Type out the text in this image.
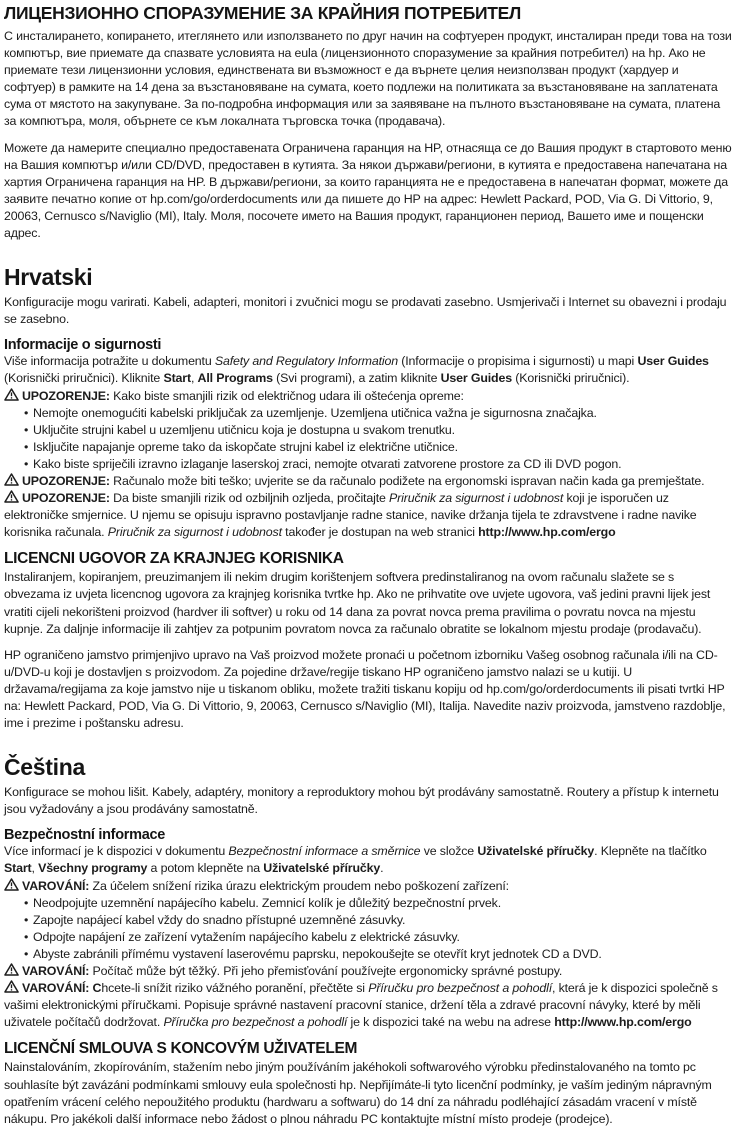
ЛИЦЕНЗИОННО СПОРАЗУМЕНИЕ ЗА КРАЙНИЯ ПОТРЕБИТЕЛ

С инсталирането, копирането, итеглянето или използването по друг начин на софтуерен продукт, инсталиран преди това на този компютър, вие приемате да спазвате условията на eula (лицензионното споразумение за крайния потребител) на hp. Ако не приемате тези лицензионни условия, единствената ви възможност е да върнете целия неизползван продукт (хардуер и софтуер) в рамките на 14 дена за възстановяване на сумата, което подлежи на политиката за възстановяване на заплатената сума от мястото на закупуване. За по-подробна информация или за заявяване на пълното възстановяване на сумата, платена за компютъра, моля, обърнете се към локалната търговска точка (продавача).

Можете да намерите специално предоставената Ограничена гаранция на HP, отнасяща се до Вашия продукт в стартовото меню на Вашия компютър и/или CD/DVD, предоставен в кутията. За някои държави/региони, в кутията е предоставена напечатана на хартия Ограничена гаранция на HP. В държави/региони, за които гаранцията не е предоставена в напечатан формат, можете да заявите печатно копие от hp.com/go/orderdocuments или да пишете до HP на адрес: Hewlett Packard, POD, Via G. Di Vittorio, 9, 20063, Cernusco s/Naviglio (MI), Italy. Моля, посочете името на Вашия продукт, гаранционен период, Вашето име и пощенски адрес.

Hrvatski

Konfiguracije mogu varirati. Kabeli, adapteri, monitori i zvučnici mogu se prodavati zasebno. Usmjerivači i Internet su obavezni i prodaju se zasebno.

Informacije o sigurnosti

Više informacija potražite u dokumentu Safety and Regulatory Information (Informacije o propisima i sigurnosti) u mapi User Guides (Korisnički priručnici). Kliknite Start, All Programs (Svi programi), a zatim kliknite User Guides (Korisnički priručnici).

UPOZORENJE: Kako biste smanjili rizik od električnog udara ili oštećenja opreme:
• Nemojte onemogućiti kabelski priključak za uzemljenje. Uzemljena utičnica važna je sigurnosna značajka.
• Uključite strujni kabel u uzemljenu utičnicu koja je dostupna u svakom trenutku.
• Isključite napajanje opreme tako da iskopčate strujni kabel iz električne utičnice.
• Kako biste spriječili izravno izlaganje laserskoj zraci, nemojte otvarati zatvorene prostore za CD ili DVD pogon.
UPOZORENJE: Računalo može biti teško; uvjerite se da računalo podižete na ergonomski ispravan način kada ga premještate.
UPOZORENJE: Da biste smanjili rizik od ozbiljnih ozljeda, pročitajte Priručnik za sigurnost i udobnost koji je isporučen uz elektroničke smjernice. U njemu se opisuju ispravno postavljanje radne stanice, navike držanja tijela te zdravstvene i radne navike korisnika računala. Priručnik za sigurnost i udobnost također je dostupan na web stranici http://www.hp.com/ergo
LICENCNI UGOVOR ZA KRAJNJEG KORISNIKA

Instaliranjem, kopiranjem, preuzimanjem ili nekim drugim korištenjem softvera predinstaliranog na ovom računalu slažete se s obvezama iz uvjeta licencnog ugovora za krajnjeg korisnika tvrtke hp. Ako ne prihvatite ove uvjete ugovora, vaš jedini pravni lijek jest vratiti cijeli nekorišteni proizvod (hardver ili softver) u roku od 14 dana za povrat novca prema pravilima o povratu novca na mjestu kupnje. Za daljnje informacije ili zahtjev za potpunim povratom novca za računalo obratite se lokalnom mjestu prodaje (prodavaču).

HP ograničeno jamstvo primjenjivo upravo na Vaš proizvod možete pronaći u početnom izborniku Vašeg osobnog računala i/ili na CD-u/DVD-u koji je dostavljen s proizvodom. Za pojedine države/regije tiskano HP ograničeno jamstvo nalazi se u kutiji. U državama/regijama za koje jamstvo nije u tiskanom obliku, možete tražiti tiskanu kopiju od hp.com/go/orderdocuments ili pisati tvrtki HP na: Hewlett Packard, POD, Via G. Di Vittorio, 9, 20063, Cernusco s/Naviglio (MI), Italija. Navedite naziv proizvoda, jamstveno razdoblje, ime i prezime i poštansku adresu.

Čeština

Konfigurace se mohou lišit. Kabely, adaptéry, monitory a reproduktory mohou být prodávány samostatně. Routery a přístup k internetu jsou vyžadovány a jsou prodávány samostatně.

Bezpečnostní informace

Více informací je k dispozici v dokumentu Bezpečnostní informace a směrnice ve složce Uživatelské příručky. Klepněte na tlačítko Start, Všechny programy a potom klepněte na Uživatelské příručky.

VAROVÁNÍ: Za účelem snížení rizika úrazu elektrickým proudem nebo poškození zařízení:
• Neodpojujte uzemnění napájecího kabelu. Zemnicí kolík je důležitý bezpečnostní prvek.
• Zapojte napájecí kabel vždy do snadno přístupné uzemněné zásuvky.
• Odpojte napájení ze zařízení vytažením napájecího kabelu z elektrické zásuvky.
• Abyste zabránili přímému vystavení laserovému paprsku, nepokoušejte se otevřít kryt jednotek CD a DVD.
VAROVÁNÍ: Počítač může být těžký. Při jeho přemisťování používejte ergonomicky správné postupy.
VAROVÁNÍ: Chcete-li snížit riziko vážného poranění, přečtěte si Příručku pro bezpečnost a pohodlí, která je k dispozici společně s vašimi elektronickými příručkami. Popisuje správné nastavení pracovní stanice, držení těla a zdravé pracovní návyky, které by měli uživatele počítačů dodržovat. Příručka pro bezpečnost a pohodlí je k dispozici také na webu na adrese http://www.hp.com/ergo
LICENČNÍ SMLOUVA S KONCOVÝM UŽIVATELEM

Nainstalováním, zkopírováním, stažením nebo jiným používáním jakéhokoli softwarového výrobku předinstalovaného na tomto pc souhlasíte být zavázáni podmínkami smlouvy eula společnosti hp. Nepřijímáte-li tyto licenční podmínky, je vaším jediným nápravným opatřením vrácení celého nepoužitého produktu (hardwaru a softwaru) do 14 dní za náhradu podléhající zásadám vracení v místě nákupu. Pro jakékoli další informace nebo žádost o plnou náhradu PC kontaktujte místní místo prodeje (prodejce).
